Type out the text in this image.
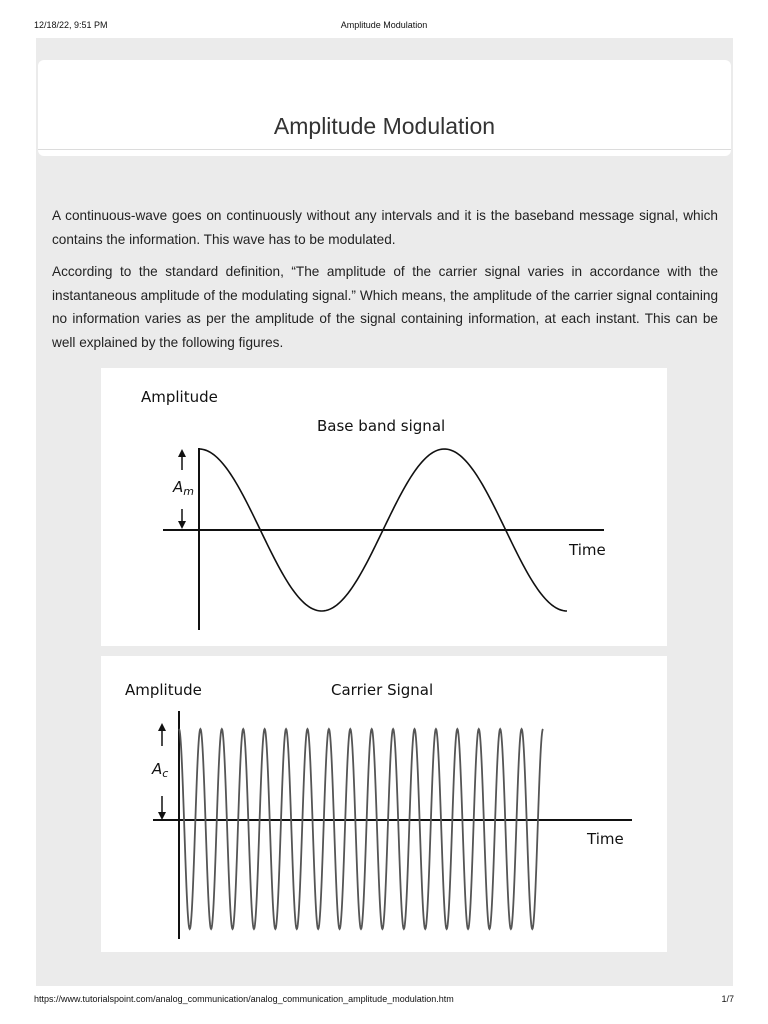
12/18/22, 9:51 PM	Amplitude Modulation
Amplitude Modulation

A continuous-wave goes on continuously without any intervals and it is the baseband message signal, which contains the information. This wave has to be modulated.

According to the standard definition, “The amplitude of the carrier signal varies in accordance with the instantaneous amplitude of the modulating signal.” Which means, the amplitude of the carrier signal containing no information varies as per the amplitude of the signal containing information, at each instant. This can be well explained by the following figures.

Amplitude
Base band signal
Time
$A_m$
Amplitude	Carrier Signal
Time
$A_c$
https://www.tutorialspoint.com/analog_communication/analog_communication_amplitude_modulation.htm	1/7
